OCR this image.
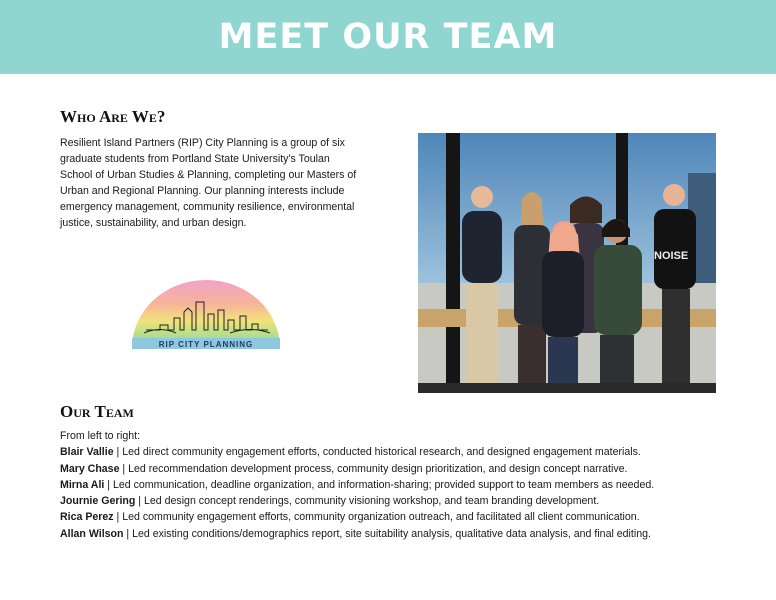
MEET OUR TEAM
Who Are We?

Resilient Island Partners (RIP) City Planning is a group of six graduate students from Portland State University's Toulan School of Urban Studies & Planning, completing our Masters of Urban and Regional Planning. Our planning interests include emergency management, community resilience, environmental justice, sustainability, and urban design.

RIP CITY PLANNING
NOISE
Our Team
From left to right:
Blair Vallie | Led direct community engagement efforts, conducted historical research, and designed engagement materials.
Mary Chase | Led recommendation development process, community design prioritization, and design concept narrative.
Mirna Ali | Led communication, deadline organization, and information-sharing; provided support to team members as needed.
Journie Gering | Led design concept renderings, community visioning workshop, and team branding development.
Rica Perez | Led community engagement efforts, community organization outreach, and facilitated all client communication.
Allan Wilson | Led existing conditions/demographics report, site suitability analysis, qualitative data analysis, and final editing.
